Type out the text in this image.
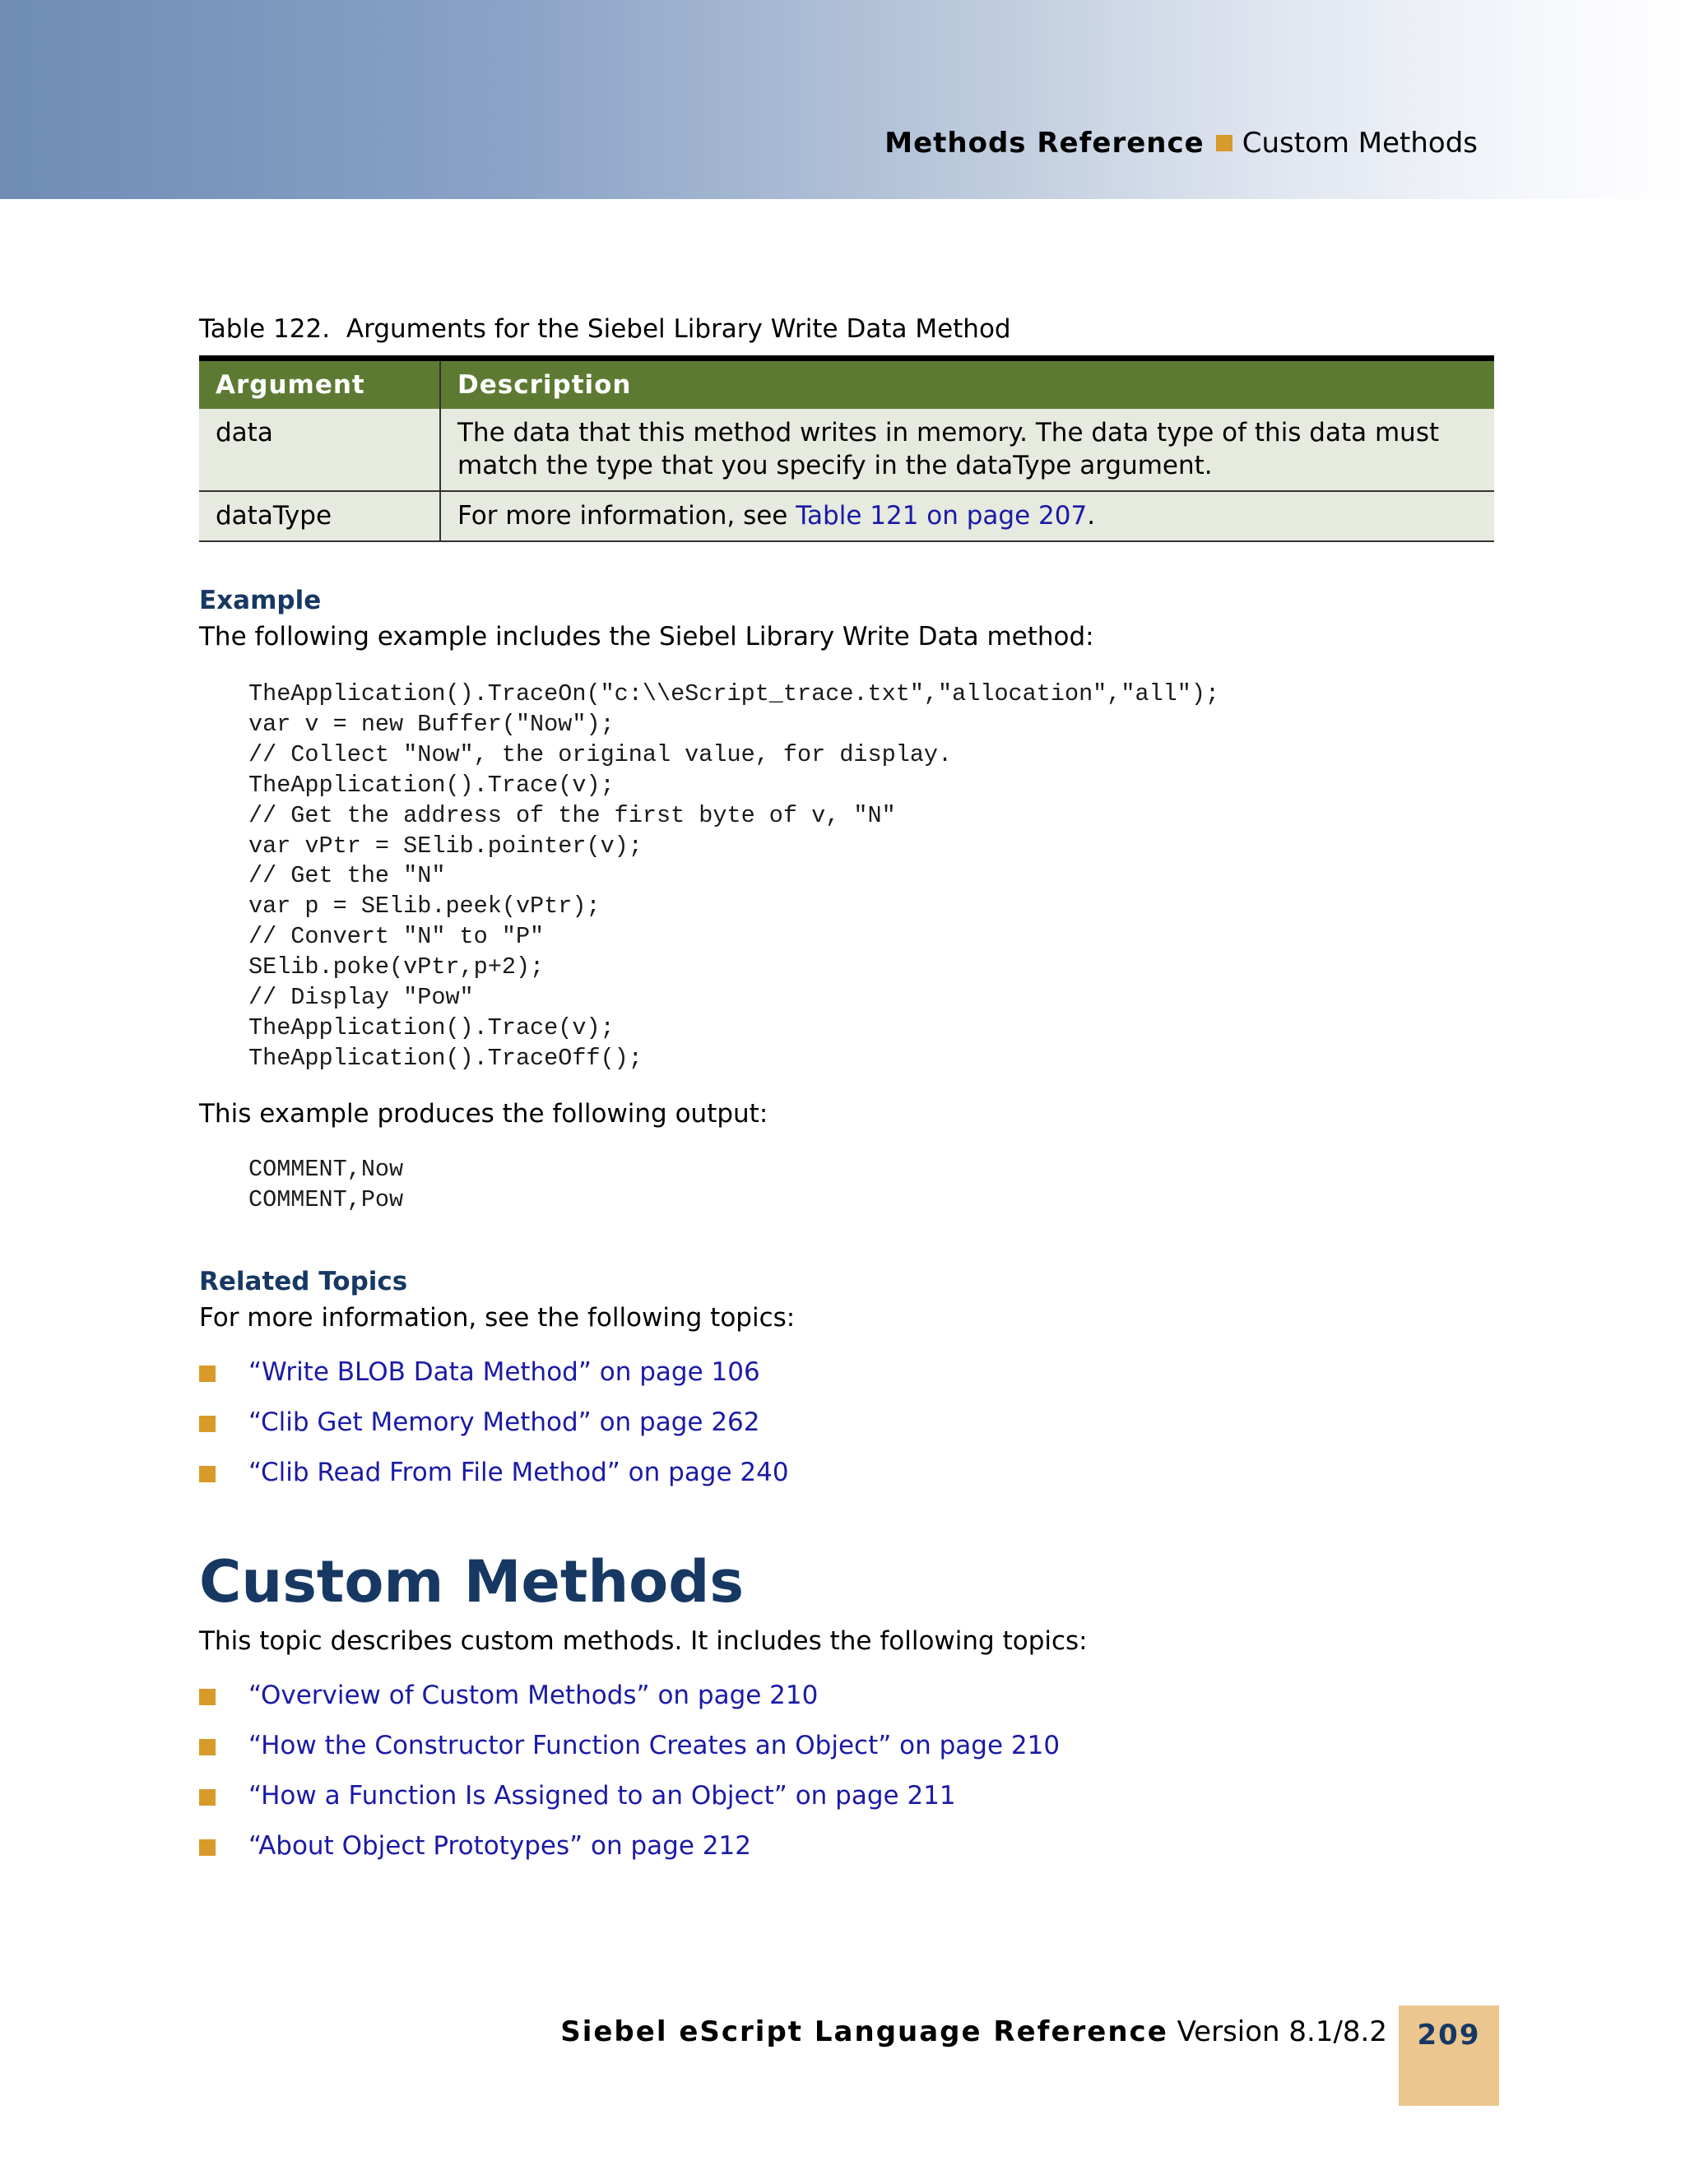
Methods Reference Custom Methods
Table 122. Arguments for the Siebel Library Write Data Method
Argument	Description
data	The data that this method writes in memory. The data type of this data must
match the type that you specify in the dataType argument.
dataType	For more information, see Table 121 on page 207.
Example
The following example includes the Siebel Library Write Data method:
TheApplication().TraceOn("c:\\eScript_trace.txt","allocation","all");
var v = new Buffer("Now");
// Collect "Now", the original value, for display.
TheApplication().Trace(v);
// Get the address of the first byte of v, "N"
var vPtr = SElib.pointer(v);
// Get the "N"
var p = SElib.peek(vPtr);
// Convert "N" to "P"
SElib.poke(vPtr,p+2);
// Display "Pow"
TheApplication().Trace(v);
TheApplication().TraceOff();
This example produces the following output:
COMMENT,Now
COMMENT,Pow
Related Topics
For more information, see the following topics:
“Write BLOB Data Method” on page 106
“Clib Get Memory Method” on page 262
“Clib Read From File Method” on page 240
Custom Methods
This topic describes custom methods. It includes the following topics:
“Overview of Custom Methods” on page 210
“How the Constructor Function Creates an Object” on page 210
“How a Function Is Assigned to an Object” on page 211
“About Object Prototypes” on page 212
Siebel eScript Language Reference Version 8.1/8.2	209
